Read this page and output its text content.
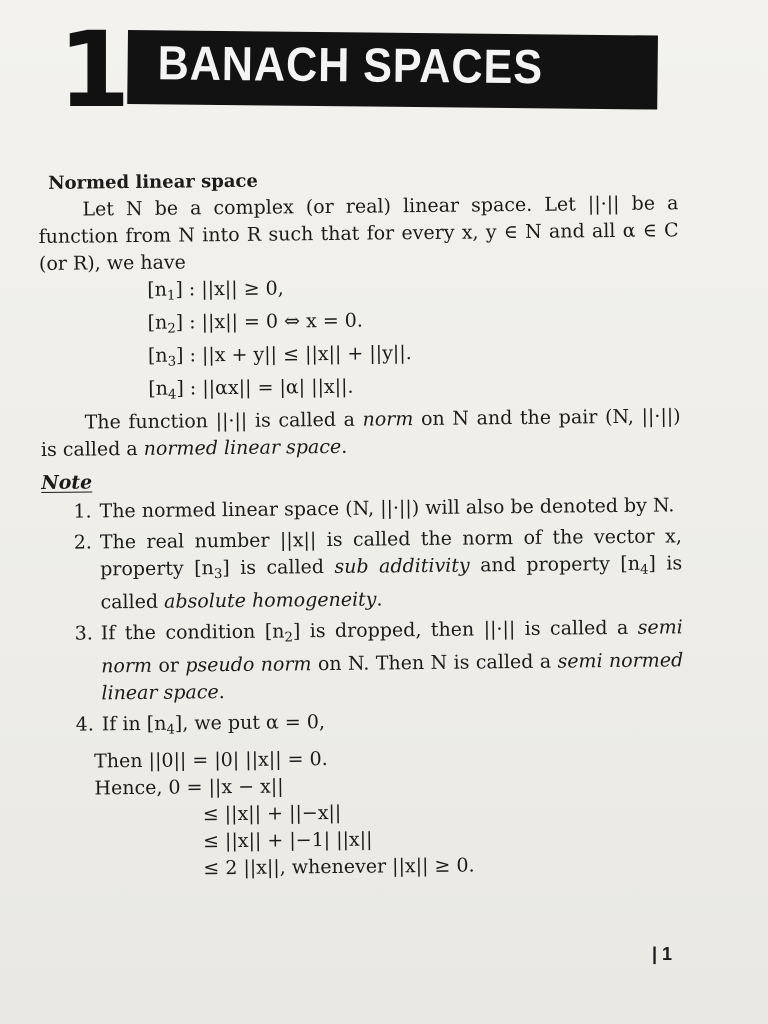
1 BANACH SPACES

Normed linear space

Let N be a complex (or real) linear space. Let ||·|| be a function from N into R such that for every x, y ∈ N and all α ∈ C (or R), we have

$[n_1]$ : ||x|| ≥ 0,

$[n_2]$ : ||x|| = 0 ⇔ x = 0.

$[n_3]$ : ||x + y|| ≤ ||x|| + ||y||.

$[n_4]$ : ||αx|| = |α| ||x||.

The function ||·|| is called a norm on N and the pair (N, ||·||) is called a normed linear space.

Note

1. The normed linear space (N, ||·||) will also be denoted by N.
2. The real number ||x|| is called the norm of the vector x, property $[n_3]$ is called sub additivity and property $[n_4]$ is called absolute homogeneity.
3. If the condition $[n_2]$ is dropped, then ||·|| is called a semi norm or pseudo norm on N. Then N is called a semi normed linear space.
4. If in $[n_4]$, we put α = 0,

Then ||0|| = |0| ||x|| = 0.

Hence, 0 = ||x − x||

≤ ||x|| + ||−x||

≤ ||x|| + |−1| ||x||

≤ 2 ||x||, whenever ||x|| ≥ 0.

| 1
